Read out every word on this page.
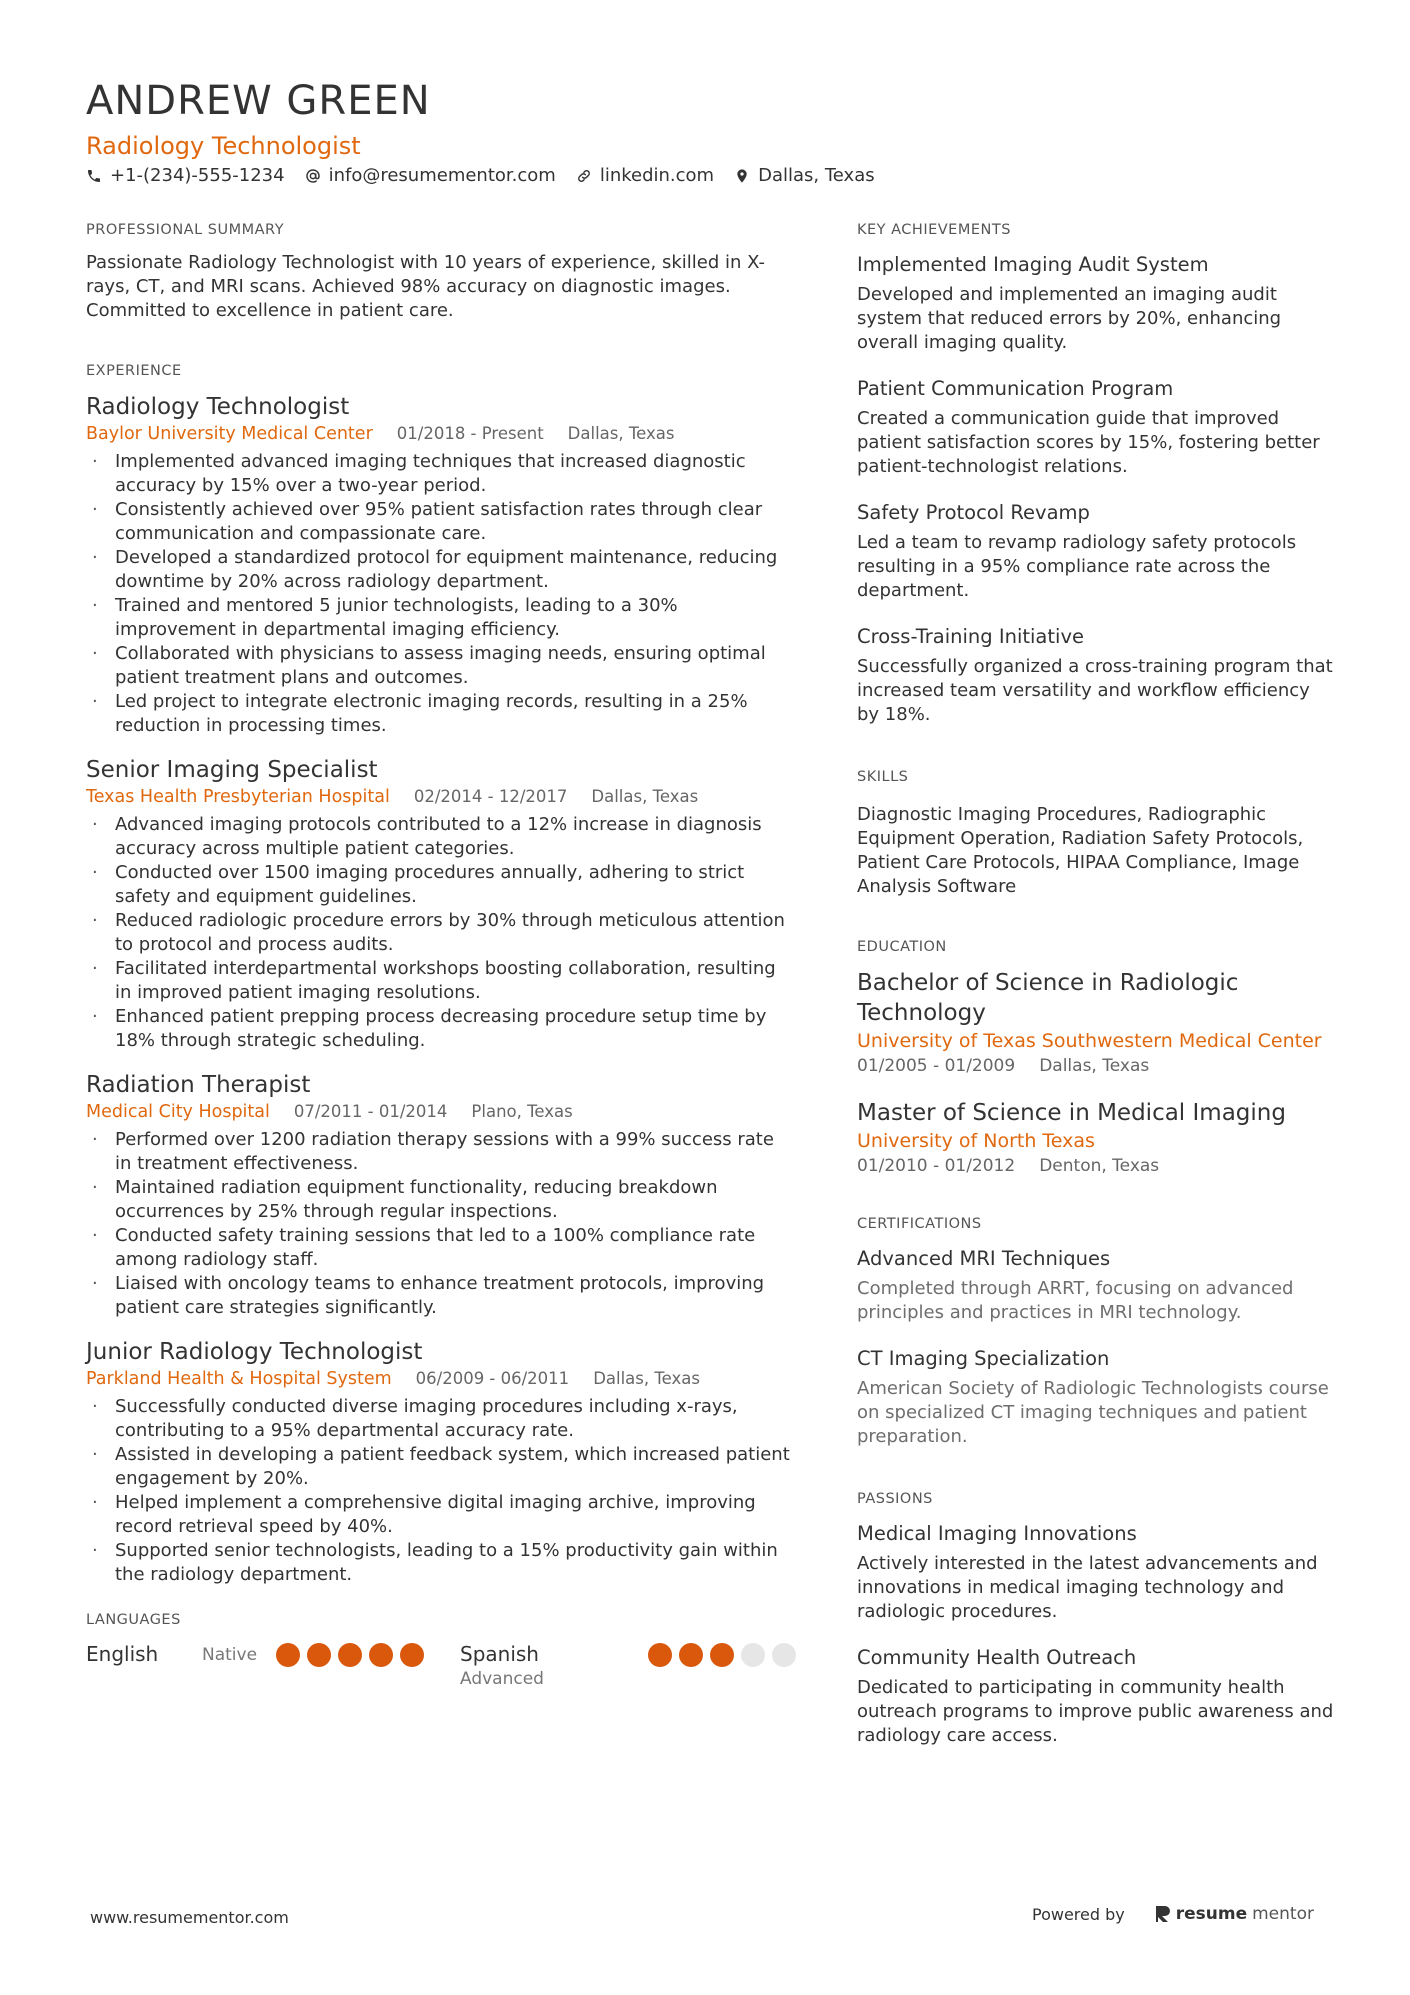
ANDREW GREEN
Radiology Technologist
+1-(234)-555-1234 info@resumementor.com linkedin.com Dallas, Texas
PROFESSIONAL SUMMARY
Passionate Radiology Technologist with 10 years of experience, skilled in X-rays, CT, and MRI scans. Achieved 98% accuracy on diagnostic images. Committed to excellence in patient care.
EXPERIENCE
Radiology Technologist
Baylor University Medical Center 01/2018 - Present Dallas, Texas
· Implemented advanced imaging techniques that increased diagnostic accuracy by 15% over a two-year period.
· Consistently achieved over 95% patient satisfaction rates through clear communication and compassionate care.
· Developed a standardized protocol for equipment maintenance, reducing downtime by 20% across radiology department.
· Trained and mentored 5 junior technologists, leading to a 30% improvement in departmental imaging efficiency.
· Collaborated with physicians to assess imaging needs, ensuring optimal patient treatment plans and outcomes.
· Led project to integrate electronic imaging records, resulting in a 25% reduction in processing times.
Senior Imaging Specialist
Texas Health Presbyterian Hospital 02/2014 - 12/2017 Dallas, Texas
· Advanced imaging protocols contributed to a 12% increase in diagnosis accuracy across multiple patient categories.
· Conducted over 1500 imaging procedures annually, adhering to strict safety and equipment guidelines.
· Reduced radiologic procedure errors by 30% through meticulous attention to protocol and process audits.
· Facilitated interdepartmental workshops boosting collaboration, resulting in improved patient imaging resolutions.
· Enhanced patient prepping process decreasing procedure setup time by 18% through strategic scheduling.
Radiation Therapist
Medical City Hospital 07/2011 - 01/2014 Plano, Texas
· Performed over 1200 radiation therapy sessions with a 99% success rate in treatment effectiveness.
· Maintained radiation equipment functionality, reducing breakdown occurrences by 25% through regular inspections.
· Conducted safety training sessions that led to a 100% compliance rate among radiology staff.
· Liaised with oncology teams to enhance treatment protocols, improving patient care strategies significantly.
Junior Radiology Technologist
Parkland Health & Hospital System 06/2009 - 06/2011 Dallas, Texas
· Successfully conducted diverse imaging procedures including x-rays, contributing to a 95% departmental accuracy rate.
· Assisted in developing a patient feedback system, which increased patient engagement by 20%.
· Helped implement a comprehensive digital imaging archive, improving record retrieval speed by 40%.
· Supported senior technologists, leading to a 15% productivity gain within the radiology department.
LANGUAGES
English	Native	Spanish
Advanced
KEY ACHIEVEMENTS
Implemented Imaging Audit System
Developed and implemented an imaging audit system that reduced errors by 20%, enhancing overall imaging quality.
Patient Communication Program
Created a communication guide that improved patient satisfaction scores by 15%, fostering better patient-technologist relations.
Safety Protocol Revamp
Led a team to revamp radiology safety protocols resulting in a 95% compliance rate across the department.
Cross-Training Initiative
Successfully organized a cross-training program that increased team versatility and workflow efficiency by 18%.
SKILLS
Diagnostic Imaging Procedures, Radiographic Equipment Operation, Radiation Safety Protocols, Patient Care Protocols, HIPAA Compliance, Image Analysis Software
EDUCATION
Bachelor of Science in Radiologic Technology
University of Texas Southwestern Medical Center
01/2005 - 01/2009 Dallas, Texas
Master of Science in Medical Imaging
University of North Texas
01/2010 - 01/2012 Denton, Texas
CERTIFICATIONS
Advanced MRI Techniques
Completed through ARRT, focusing on advanced principles and practices in MRI technology.
CT Imaging Specialization
American Society of Radiologic Technologists course on specialized CT imaging techniques and patient preparation.
PASSIONS
Medical Imaging Innovations
Actively interested in the latest advancements and innovations in medical imaging technology and radiologic procedures.
Community Health Outreach
Dedicated to participating in community health outreach programs to improve public awareness and radiology care access.
www.resumementor.com	Powered by	resume mentor
